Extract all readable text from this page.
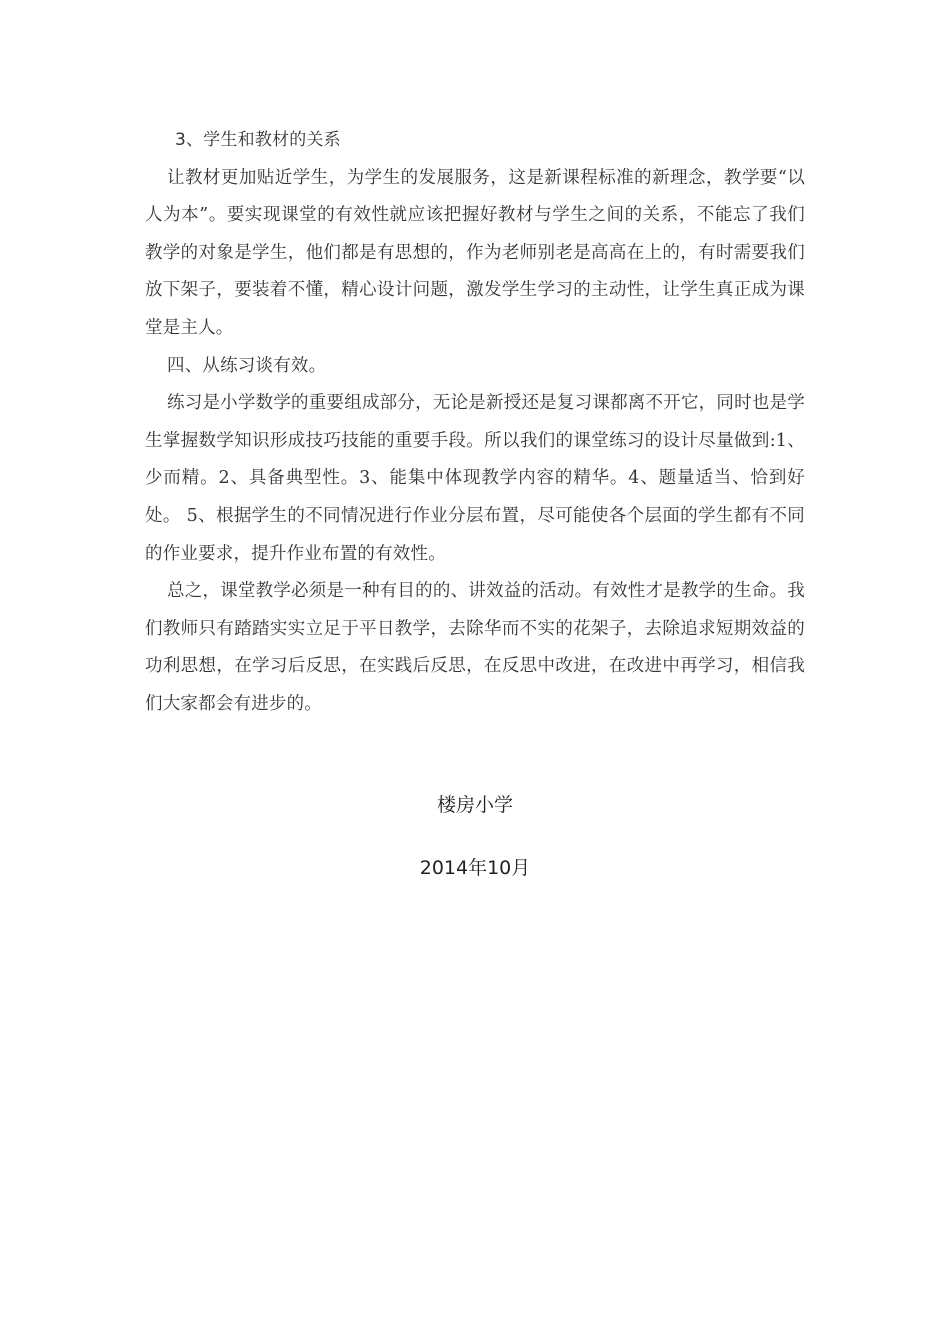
3、学生和教材的关系

让教材更加贴近学生，为学生的发展服务，这是新课程标准的新理念，教学要“以人为本”。要实现课堂的有效性就应该把握好教材与学生之间的关系，不能忘了我们教学的对象是学生，他们都是有思想的，作为老师别老是高高在上的，有时需要我们放下架子，要装着不懂，精心设计问题，激发学生学习的主动性，让学生真正成为课堂是主人。

四、从练习谈有效。

练习是小学数学的重要组成部分，无论是新授还是复习课都离不开它，同时也是学生掌握数学知识形成技巧技能的重要手段。所以我们的课堂练习的设计尽量做到:1、少而精。2、具备典型性。3、能集中体现教学内容的精华。4、题量适当、恰到好处。 5、根据学生的不同情况进行作业分层布置，尽可能使各个层面的学生都有不同的作业要求，提升作业布置的有效性。

总之，课堂教学必须是一种有目的的、讲效益的活动。有效性才是教学的生命。我们教师只有踏踏实实立足于平日教学，去除华而不实的花架子，去除追求短期效益的功利思想，在学习后反思，在实践后反思，在反思中改进，在改进中再学习，相信我们大家都会有进步的。

楼房小学
2014年10月
